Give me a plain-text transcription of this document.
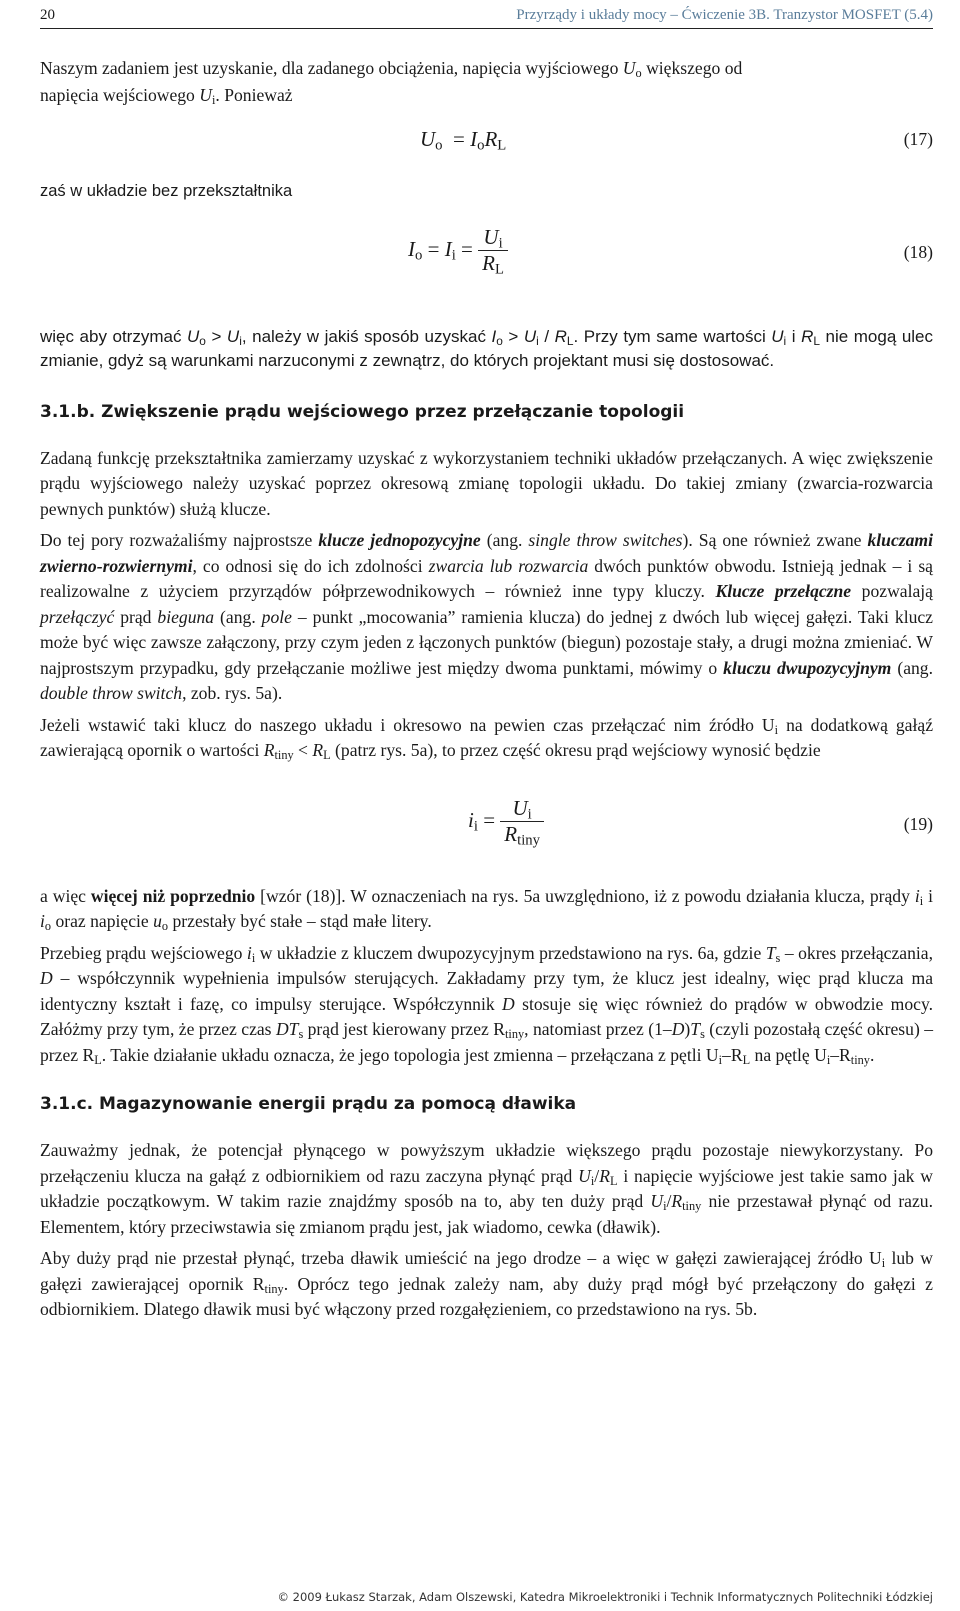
20	Przyrządy i układy mocy – Ćwiczenie 3B. Tranzystor MOSFET (5.4)

Naszym zadaniem jest uzyskanie, dla zadanego obciążenia, napięcia wyjściowego $U_o$ większego od
napięcia wejściowego $U_i$. Ponieważ

$U_o = I_oR_L$	(17)

zaś w układzie bez przekształtnika

$I_o = I_i = \frac{U_i}{R_L}$	(18)

więc aby otrzymać $U_o > U_i$, należy w jakiś sposób uzyskać $I_o > U_i / R_L$. Przy tym same wartości $U_i$ i $R_L$ nie mogą ulec zmianie, gdyż są warunkami narzuconymi z zewnątrz, do których projektant musi się dostosować.

3.1.b. Zwiększenie prądu wejściowego przez przełączanie topologii

Zadaną funkcję przekształtnika zamierzamy uzyskać z wykorzystaniem techniki układów przełączanych. A więc zwiększenie prądu wyjściowego należy uzyskać poprzez okresową zmianę topologii układu. Do takiej zmiany (zwarcia-rozwarcia pewnych punktów) służą klucze.

Do tej pory rozważaliśmy najprostsze klucze jednopozycyjne (ang. single throw switches). Są one również zwane kluczami zwierno-rozwiernymi, co odnosi się do ich zdolności zwarcia lub rozwarcia dwóch punktów obwodu. Istnieją jednak – i są realizowalne z użyciem przyrządów półprzewodnikowych – również inne typy kluczy. Klucze przełączne pozwalają przełączyć prąd bieguna (ang. pole – punkt „mocowania” ramienia klucza) do jednej z dwóch lub więcej gałęzi. Taki klucz może być więc zawsze załączony, przy czym jeden z łączonych punktów (biegun) pozostaje stały, a drugi można zmieniać. W najprostszym przypadku, gdy przełączanie możliwe jest między dwoma punktami, mówimy o kluczu dwupozycyjnym (ang. double throw switch, zob. rys. 5a).

Jeżeli wstawić taki klucz do naszego układu i okresowo na pewien czas przełączać nim źródło $U_i$ na dodatkową gałąź zawierającą opornik o wartości $R_{tiny} < R_L$ (patrz rys. 5a), to przez część okresu prąd wejściowy wynosić będzie

$i_i = \frac{U_i}{R_{tiny}}$	(19)

a więc więcej niż poprzednio [wzór (18)]. W oznaczeniach na rys. 5a uwzględniono, iż z powodu działania klucza, prądy $i_i$ i $i_o$ oraz napięcie $u_o$ przestały być stałe – stąd małe litery.

Przebieg prądu wejściowego $i_i$ w układzie z kluczem dwupozycyjnym przedstawiono na rys. 6a, gdzie $T_s$ – okres przełączania, D – współczynnik wypełnienia impulsów sterujących. Zakładamy przy tym, że klucz jest idealny, więc prąd klucza ma identyczny kształt i fazę, co impulsy sterujące. Współczynnik D stosuje się więc również do prądów w obwodzie mocy. Załóżmy przy tym, że przez czas $DT_s$ prąd jest kierowany przez $R_{tiny}$, natomiast przez $(1-D)T_s$ (czyli pozostałą część okresu) – przez $R_L$. Takie działanie układu oznacza, że jego topologia jest zmienna – przełączana z pętli $U_i-R_L$ na pętlę $U_i-R_{tiny}$.

3.1.c. Magazynowanie energii prądu za pomocą dławika

Zauważmy jednak, że potencjał płynącego w powyższym układzie większego prądu pozostaje niewykorzystany. Po przełączeniu klucza na gałąź z odbiornikiem od razu zaczyna płynąć prąd $U_i/R_L$ i napięcie wyjściowe jest takie samo jak w układzie początkowym. W takim razie znajdźmy sposób na to, aby ten duży prąd $U_i/R_{tiny}$ nie przestawał płynąć od razu. Elementem, który przeciwstawia się zmianom prądu jest, jak wiadomo, cewka (dławik).

Aby duży prąd nie przestał płynąć, trzeba dławik umieścić na jego drodze – a więc w gałęzi zawierającej źródło $U_i$ lub w gałęzi zawierającej opornik $R_{tiny}$. Oprócz tego jednak zależy nam, aby duży prąd mógł być przełączony do gałęzi z odbiornikiem. Dlatego dławik musi być włączony przed rozgałęzieniem, co przedstawiono na rys. 5b.

© 2009 Łukasz Starzak, Adam Olszewski, Katedra Mikroelektroniki i Technik Informatycznych Politechniki Łódzkiej
